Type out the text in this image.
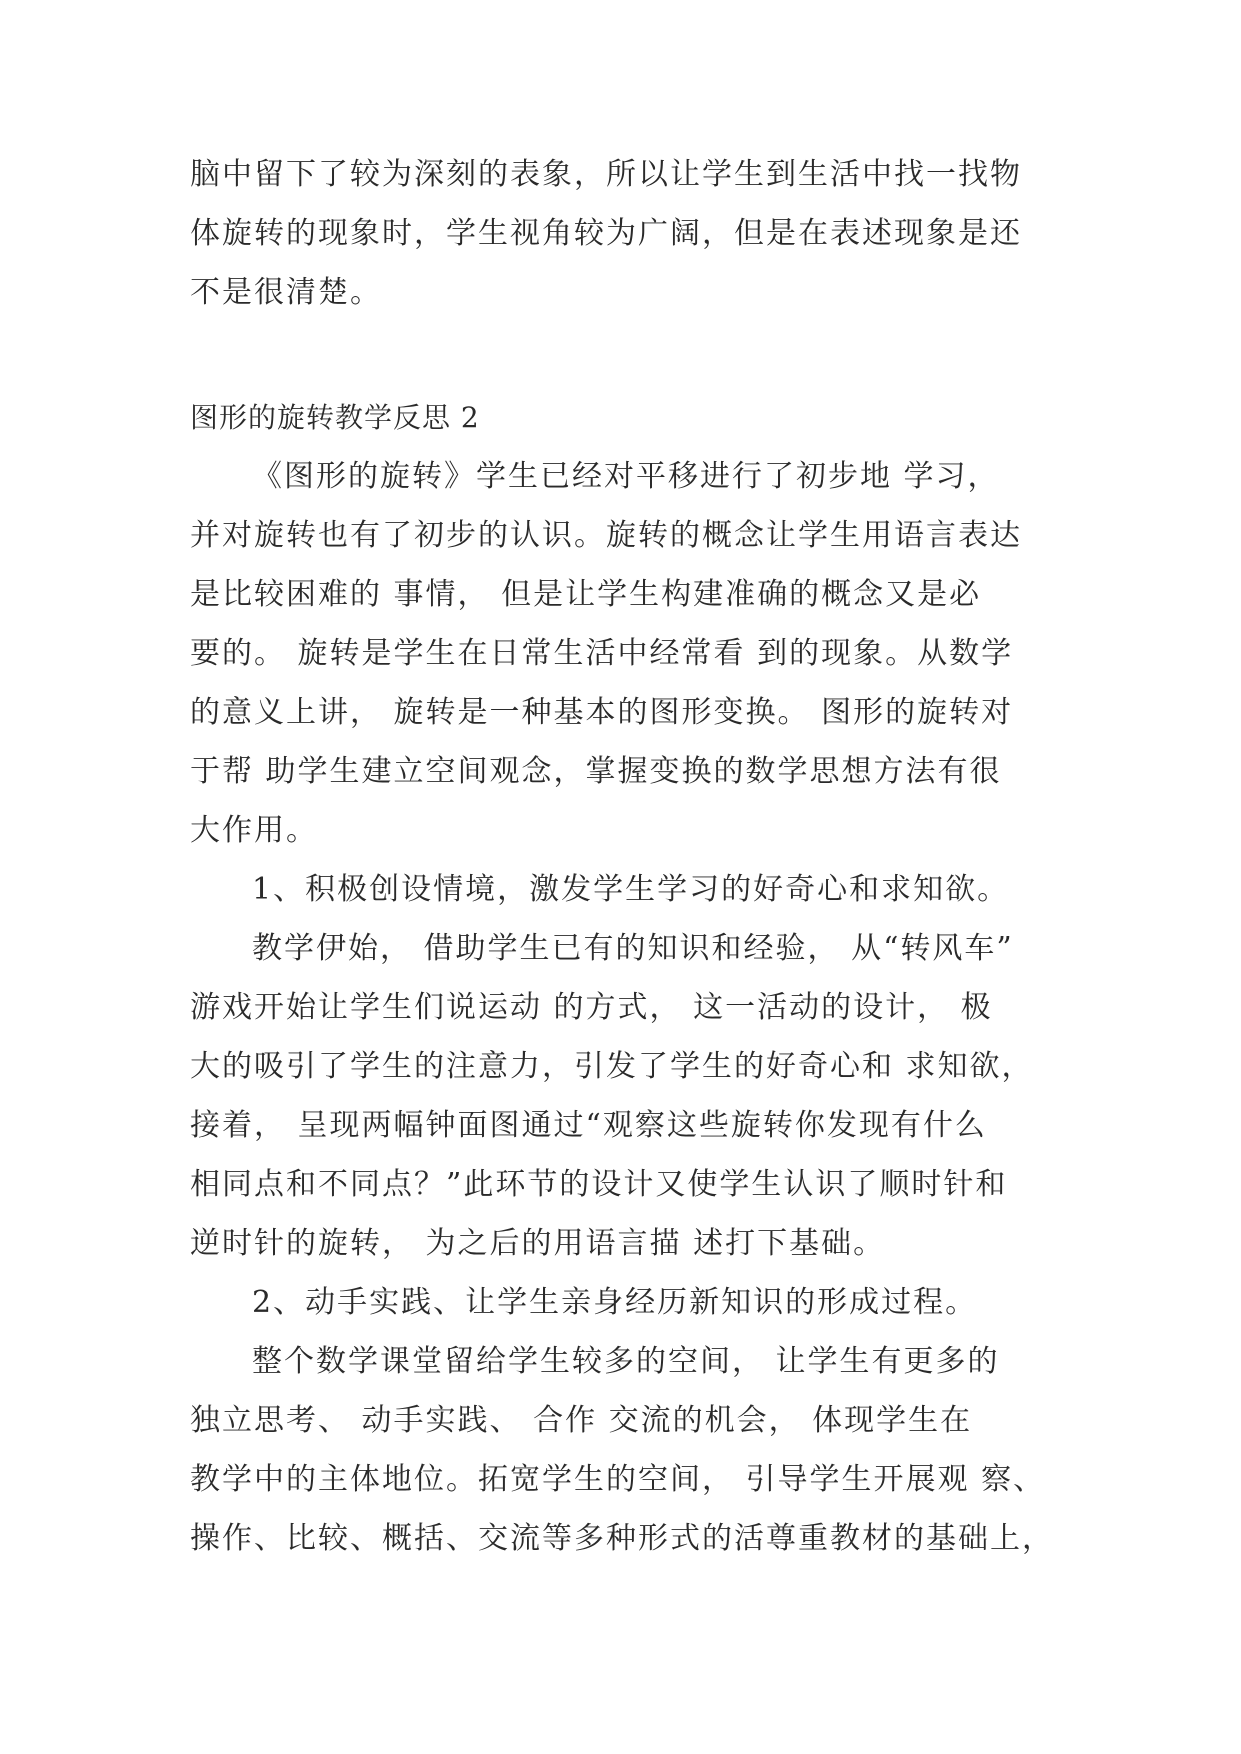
脑中留下了较为深刻的表象，所以让学生到生活中找一找物
体旋转的现象时，学生视角较为广阔，但是在表述现象是还
不是很清楚。
图形的旋转教学反思 2
《图形的旋转》学生已经对平移进行了初步地 学习，
并对旋转也有了初步的认识。旋转的概念让学生用语言表达
是比较困难的 事情， 但是让学生构建准确的概念又是必
要的。 旋转是学生在日常生活中经常看 到的现象。从数学
的意义上讲， 旋转是一种基本的图形变换。 图形的旋转对
于帮 助学生建立空间观念，掌握变换的数学思想方法有很
大作用。
1、积极创设情境，激发学生学习的好奇心和求知欲。
教学伊始， 借助学生已有的知识和经验， 从“转风车”
游戏开始让学生们说运动 的方式， 这一活动的设计， 极
大的吸引了学生的注意力，引发了学生的好奇心和 求知欲，
接着， 呈现两幅钟面图通过“观察这些旋转你发现有什么
相同点和不同点？”此环节的设计又使学生认识了顺时针和
逆时针的旋转， 为之后的用语言描 述打下基础。
2、动手实践、让学生亲身经历新知识的形成过程。
整个数学课堂留给学生较多的空间， 让学生有更多的
独立思考、 动手实践、 合作 交流的机会， 体现学生在
教学中的主体地位。拓宽学生的空间， 引导学生开展观 察、
操作、比较、概括、交流等多种形式的活尊重教材的基础上，
